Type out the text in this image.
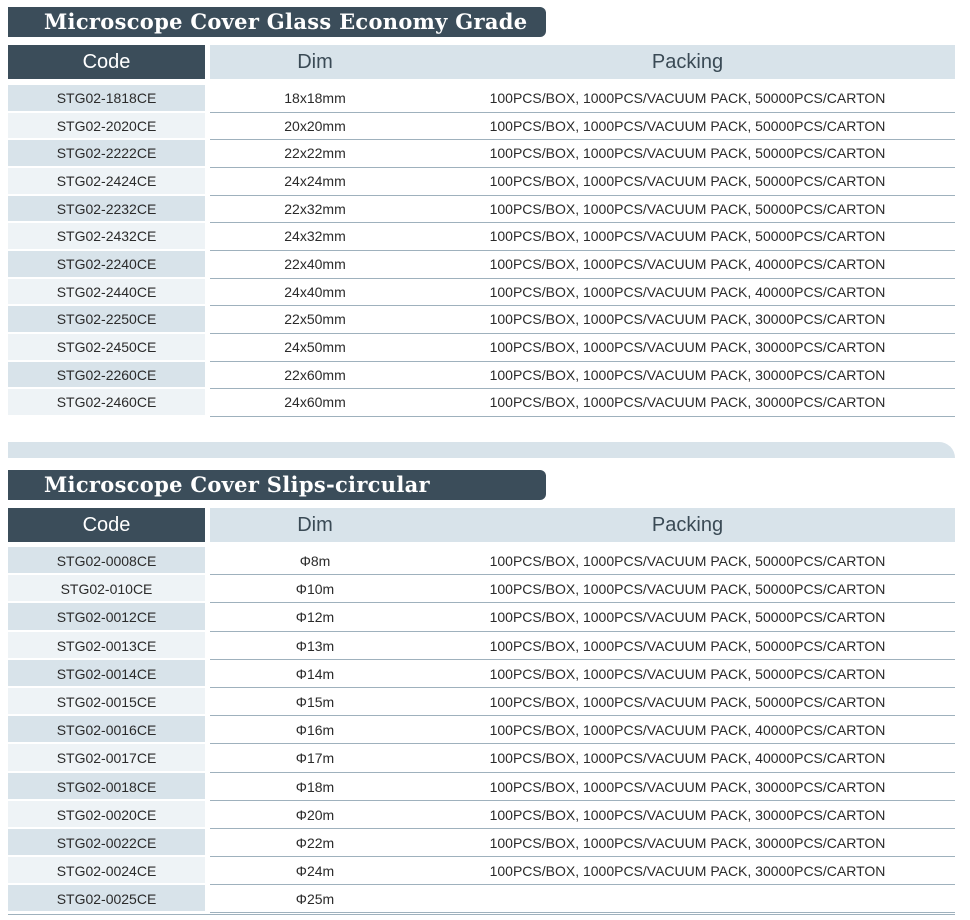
Microscope Cover Glass Economy Grade
Code	Dim	Packing
STG02-1818CE	18x18mm	100PCS/BOX, 1000PCS/VACUUM PACK, 50000PCS/CARTON
STG02-2020CE	20x20mm	100PCS/BOX, 1000PCS/VACUUM PACK, 50000PCS/CARTON
STG02-2222CE	22x22mm	100PCS/BOX, 1000PCS/VACUUM PACK, 50000PCS/CARTON
STG02-2424CE	24x24mm	100PCS/BOX, 1000PCS/VACUUM PACK, 50000PCS/CARTON
STG02-2232CE	22x32mm	100PCS/BOX, 1000PCS/VACUUM PACK, 50000PCS/CARTON
STG02-2432CE	24x32mm	100PCS/BOX, 1000PCS/VACUUM PACK, 50000PCS/CARTON
STG02-2240CE	22x40mm	100PCS/BOX, 1000PCS/VACUUM PACK, 40000PCS/CARTON
STG02-2440CE	24x40mm	100PCS/BOX, 1000PCS/VACUUM PACK, 40000PCS/CARTON
STG02-2250CE	22x50mm	100PCS/BOX, 1000PCS/VACUUM PACK, 30000PCS/CARTON
STG02-2450CE	24x50mm	100PCS/BOX, 1000PCS/VACUUM PACK, 30000PCS/CARTON
STG02-2260CE	22x60mm	100PCS/BOX, 1000PCS/VACUUM PACK, 30000PCS/CARTON
STG02-2460CE	24x60mm	100PCS/BOX, 1000PCS/VACUUM PACK, 30000PCS/CARTON
Microscope Cover Slips-circular
Code	Dim	Packing
STG02-0008CE	Φ8m	100PCS/BOX, 1000PCS/VACUUM PACK, 50000PCS/CARTON
STG02-010CE	Φ10m	100PCS/BOX, 1000PCS/VACUUM PACK, 50000PCS/CARTON
STG02-0012CE	Φ12m	100PCS/BOX, 1000PCS/VACUUM PACK, 50000PCS/CARTON
STG02-0013CE	Φ13m	100PCS/BOX, 1000PCS/VACUUM PACK, 50000PCS/CARTON
STG02-0014CE	Φ14m	100PCS/BOX, 1000PCS/VACUUM PACK, 50000PCS/CARTON
STG02-0015CE	Φ15m	100PCS/BOX, 1000PCS/VACUUM PACK, 50000PCS/CARTON
STG02-0016CE	Φ16m	100PCS/BOX, 1000PCS/VACUUM PACK, 40000PCS/CARTON
STG02-0017CE	Φ17m	100PCS/BOX, 1000PCS/VACUUM PACK, 40000PCS/CARTON
STG02-0018CE	Φ18m	100PCS/BOX, 1000PCS/VACUUM PACK, 30000PCS/CARTON
STG02-0020CE	Φ20m	100PCS/BOX, 1000PCS/VACUUM PACK, 30000PCS/CARTON
STG02-0022CE	Φ22m	100PCS/BOX, 1000PCS/VACUUM PACK, 30000PCS/CARTON
STG02-0024CE	Φ24m	100PCS/BOX, 1000PCS/VACUUM PACK, 30000PCS/CARTON
STG02-0025CE	Φ25m
